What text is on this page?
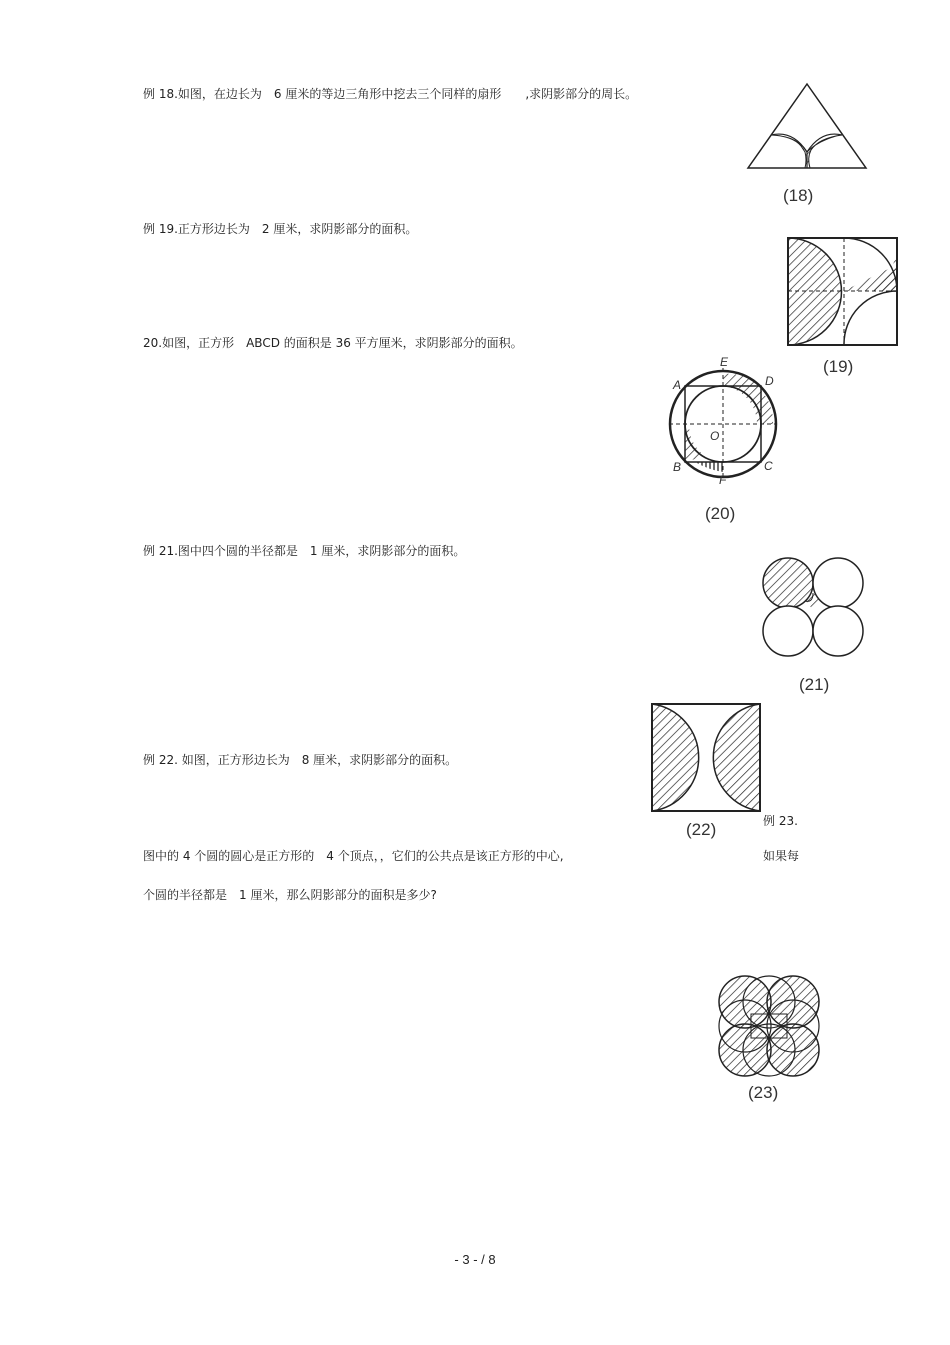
例 18.如图，在边长为　6 厘米的等边三角形中挖去三个同样的扇形　　,求阴影部分的周长。
(18)
例 19.正方形边长为　2 厘米，求阴影部分的面积。
(19)
20.如图，正方形　ABCD 的面积是 36 平方厘米，求阴影部分的面积。
A	D
E
O
B	C
F
(20)
例 21.图中四个圆的半径都是　1 厘米，求阴影部分的面积。
(21)
例 22. 如图，正方形边长为　8 厘米，求阴影部分的面积。
(22)	例 23.
图中的 4 个圆的圆心是正方形的　4 个顶点，，它们的公共点是该正方形的中心,	如果每
个圆的半径都是　1 厘米，那么阴影部分的面积是多少?
(23)
- 3 - / 8
